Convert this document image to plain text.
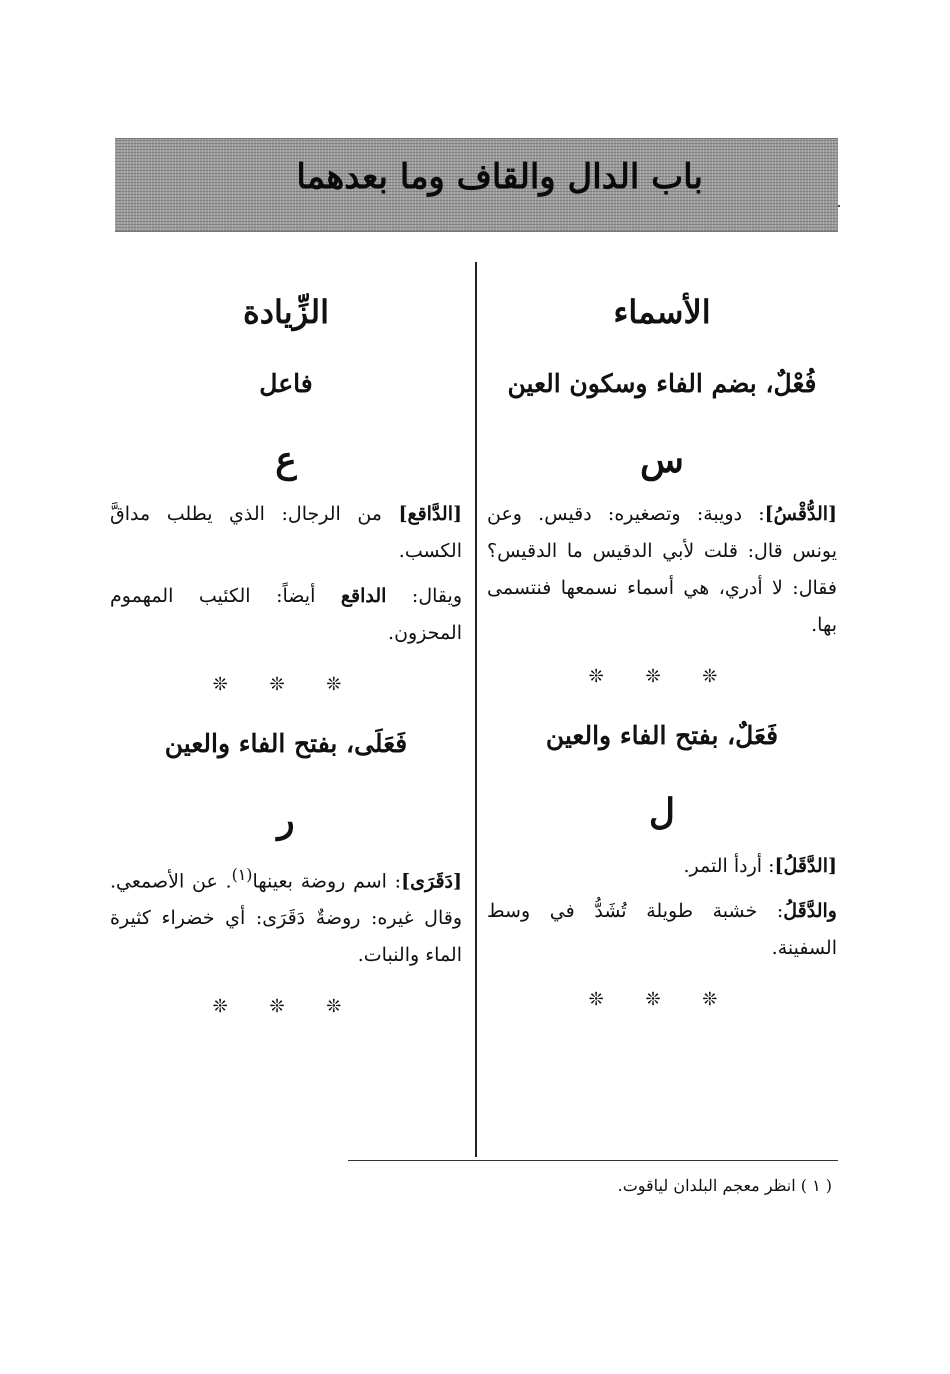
باب الدال والقاف وما بعدهما
الأسماء
فُعْلٌ، بضم الفاء وسكون العين
س

[الدُّقْسُ]: دويبة: وتصغيره: دقيس. وعن يونس قال: قلت لأبي الدقيس ما الدقيس؟ فقال: لا أدري، هي أسماء نسمعها فنتسمى بها.

❊ ❊ ❊
فَعَلٌ، بفتح الفاء والعين
ل

[الدَّقَلُ]: أردأ التمر.

والدَّقَلُ: خشبة طويلة تُشَدُّ في وسط السفينة.

❊ ❊ ❊
الزِّيادة
فاعل
ع

[الدَّاقع] من الرجال: الذي يطلب مداقَّ الكسب.

ويقال: الداقع أيضاً: الكئيب المهموم المحزون.

❊ ❊ ❊
فَعَلَى، بفتح الفاء والعين
ر

[دَقَرَى]: اسم روضة بعينها$^{(١)}$. عن الأصمعي. وقال غيره: روضةٌ دَقَرَى: أي خضراء كثيرة الماء والنبات.

❊ ❊ ❊
( ١ ) انظر معجم البلدان لياقوت.
